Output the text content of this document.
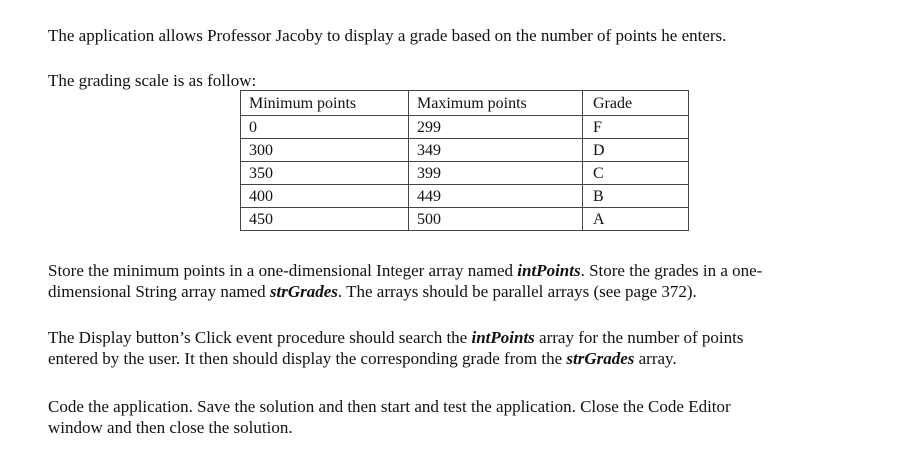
The application allows Professor Jacoby to display a grade based on the number of points he enters.

The grading scale is as follow:

Minimum points	Maximum points	Grade
0	299	F
300	349	D
350	399	C
400	449	B
450	500	A
Store the minimum points in a one-dimensional Integer array named intPoints. Store the grades in a one-
dimensional String array named strGrades. The arrays should be parallel arrays (see page 372).
The Display button’s Click event procedure should search the intPoints array for the number of points
entered by the user. It then should display the corresponding grade from the strGrades array.
Code the application. Save the solution and then start and test the application. Close the Code Editor
window and then close the solution.
